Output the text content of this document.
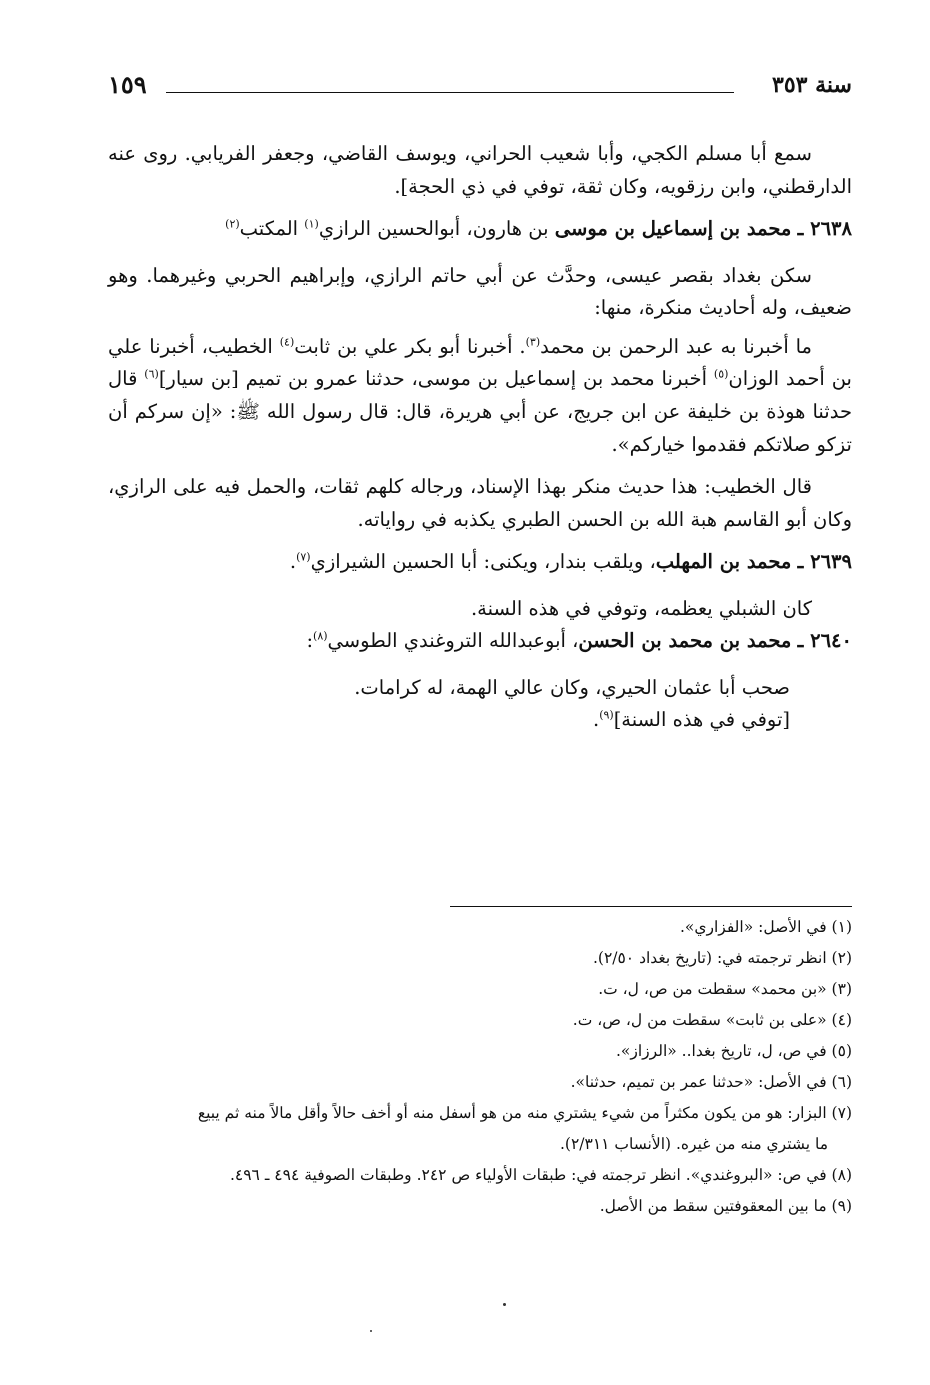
سنة ٣٥٣
١٥٩

سمع أبا مسلم الكجي، وأبا شعيب الحراني، ويوسف القاضي، وجعفر الفريابي. روى عنه الدارقطني، وابن رزقويه، وكان ثقة، توفي في ذي الحجة].

٢٦٣٨ ـ محمد بن إسماعيل بن موسى بن هارون، أبوالحسين الرازي$^{(١)}$ المكتب$^{(٢)}$

سكن بغداد بقصر عيسى، وحدَّث عن أبي حاتم الرازي، وإبراهيم الحربي وغيرهما. وهو ضعيف، وله أحاديث منكرة، منها:

ما أخبرنا به عبد الرحمن بن محمد$^{(٣)}$. أخبرنا أبو بكر علي بن ثابت$^{(٤)}$ الخطيب، أخبرنا علي بن أحمد الوزان$^{(٥)}$ أخبرنا محمد بن إسماعيل بن موسى، حدثنا عمرو بن تميم [بن سيار]$^{(٦)}$ قال حدثنا هوذة بن خليفة عن ابن جريج، عن أبي هريرة، قال: قال رسول الله ﷺ: «إن سركم أن تزكو صلاتكم فقدموا خياركم».

قال الخطيب: هذا حديث منكر بهذا الإسناد، ورجاله كلهم ثقات، والحمل فيه على الرازي، وكان أبو القاسم هبة الله بن الحسن الطبري يكذبه في رواياته.

٢٦٣٩ ـ محمد بن المهلب، ويلقب بندار، ويكنى: أبا الحسين الشيرازي$^{(٧)}$.

كان الشبلي يعظمه، وتوفي في هذه السنة.

٢٦٤٠ ـ محمد بن محمد بن الحسن، أبوعبدالله التروغندي الطوسي$^{(٨)}$:

صحب أبا عثمان الحيري، وكان عالي الهمة، له كرامات.

[توفي في هذه السنة]$^{(٩)}$.

(١) في الأصل: «الفزاري».

(٢) انظر ترجمته في: (تاريخ بغداد ٢/٥٠).

(٣) «بن محمد» سقطت من ص، ل، ت.

(٤) «على بن ثابت» سقطت من ل، ص، ت.

(٥) في ص، ل، تاريخ بغدا.. «الرزاز».

(٦) في الأصل: «حدثنا عمر بن تميم، حدثنا».

(٧) البزار: هو من يكون مكثراً من شيء يشتري منه من هو أسفل منه أو أخف حالاً وأقل مالاً منه ثم يبيع

ما يشتري منه من غيره. (الأنساب ٢/٣١١).

(٨) في ص: «البروغندي». انظر ترجمته في: طبقات الأولياء ص ٢٤٢. وطبقات الصوفية ٤٩٤ ـ ٤٩٦.

(٩) ما بين المعقوفتين سقط من الأصل.
